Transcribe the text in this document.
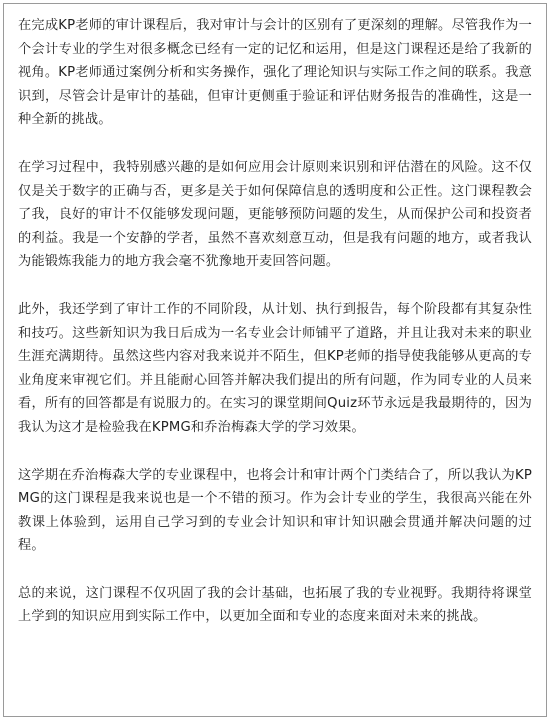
在完成KP老师的审计课程后，我对审计与会计的区别有了更深刻的理解。尽管我作为一个会计专业的学生对很多概念已经有一定的记忆和运用，但是这门课程还是给了我新的视角。KP老师通过案例分析和实务操作，强化了理论知识与实际工作之间的联系。我意识到，尽管会计是审计的基础，但审计更侧重于验证和评估财务报告的准确性，这是一种全新的挑战。

在学习过程中，我特别感兴趣的是如何应用会计原则来识别和评估潜在的风险。这不仅仅是关于数字的正确与否，更多是关于如何保障信息的透明度和公正性。这门课程教会了我，良好的审计不仅能够发现问题，更能够预防问题的发生，从而保护公司和投资者的利益。我是一个安静的学者，虽然不喜欢刻意互动，但是我有问题的地方，或者我认为能锻炼我能力的地方我会毫不犹豫地开麦回答问题。

此外，我还学到了审计工作的不同阶段，从计划、执行到报告，每个阶段都有其复杂性和技巧。这些新知识为我日后成为一名专业会计师铺平了道路，并且让我对未来的职业生涯充满期待。虽然这些内容对我来说并不陌生，但KP老师的指导使我能够从更高的专业角度来审视它们。并且能耐心回答并解决我们提出的所有问题，作为同专业的人员来看，所有的回答都是有说服力的。在实习的课堂期间Quiz环节永远是我最期待的，因为我认为这才是检验我在KPMG和乔治梅森大学的学习效果。

这学期在乔治梅森大学的专业课程中，也将会计和审计两个门类结合了，所以我认为KPMG的这门课程是我来说也是一个不错的预习。作为会计专业的学生，我很高兴能在外教课上体验到，运用自己学习到的专业会计知识和审计知识融会贯通并解决问题的过程。

总的来说，这门课程不仅巩固了我的会计基础，也拓展了我的专业视野。我期待将课堂上学到的知识应用到实际工作中，以更加全面和专业的态度来面对未来的挑战。
